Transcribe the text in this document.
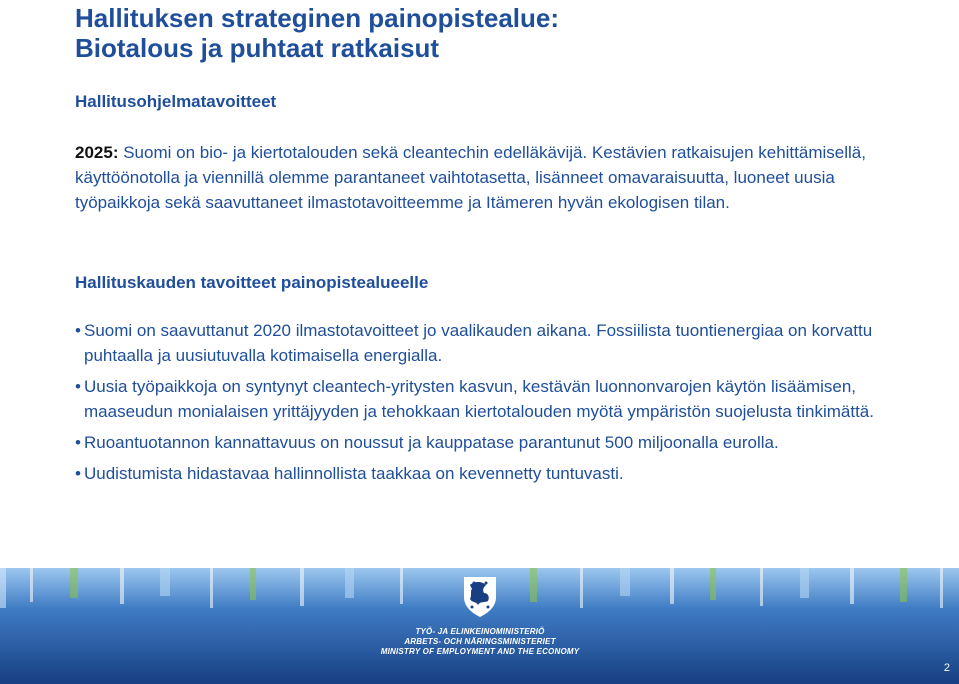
Hallituksen strateginen painopistealue:
Biotalous ja puhtaat ratkaisut
Hallitusohjelmatavoitteet
2025: Suomi on bio- ja kiertotalouden sekä cleantechin edelläkävijä. Kestävien ratkaisujen kehittämisellä, käyttöönotolla ja viennillä olemme parantaneet vaihtotasetta, lisänneet omavaraisuutta, luoneet uusia työpaikkoja sekä saavuttaneet ilmastotavoitteemme ja Itämeren hyvän ekologisen tilan.
Hallituskauden tavoitteet painopistealueelle
• Suomi on saavuttanut 2020 ilmastotavoitteet jo vaalikauden aikana. Fossiilista tuontienergiaa on korvattu puhtaalla ja uusiutuvalla kotimaisella energialla.
• Uusia työpaikkoja on syntynyt cleantech-yritysten kasvun, kestävän luonnonvarojen käytön lisäämisen, maaseudun monialaisen yrittäjyyden ja tehokkaan kiertotalouden myötä ympäristön suojelusta tinkimättä.
• Ruoantuotannon kannattavuus on noussut ja kauppatase parantunut 500 miljoonalla eurolla.
• Uudistumista hidastavaa hallinnollista taakkaa on kevennetty tuntuvasti.
TYÖ- JA ELINKEINOMINISTERIÖ
ARBETS- OCH NÄRINGSMINISTERIET
MINISTRY OF EMPLOYMENT AND THE ECONOMY
2
